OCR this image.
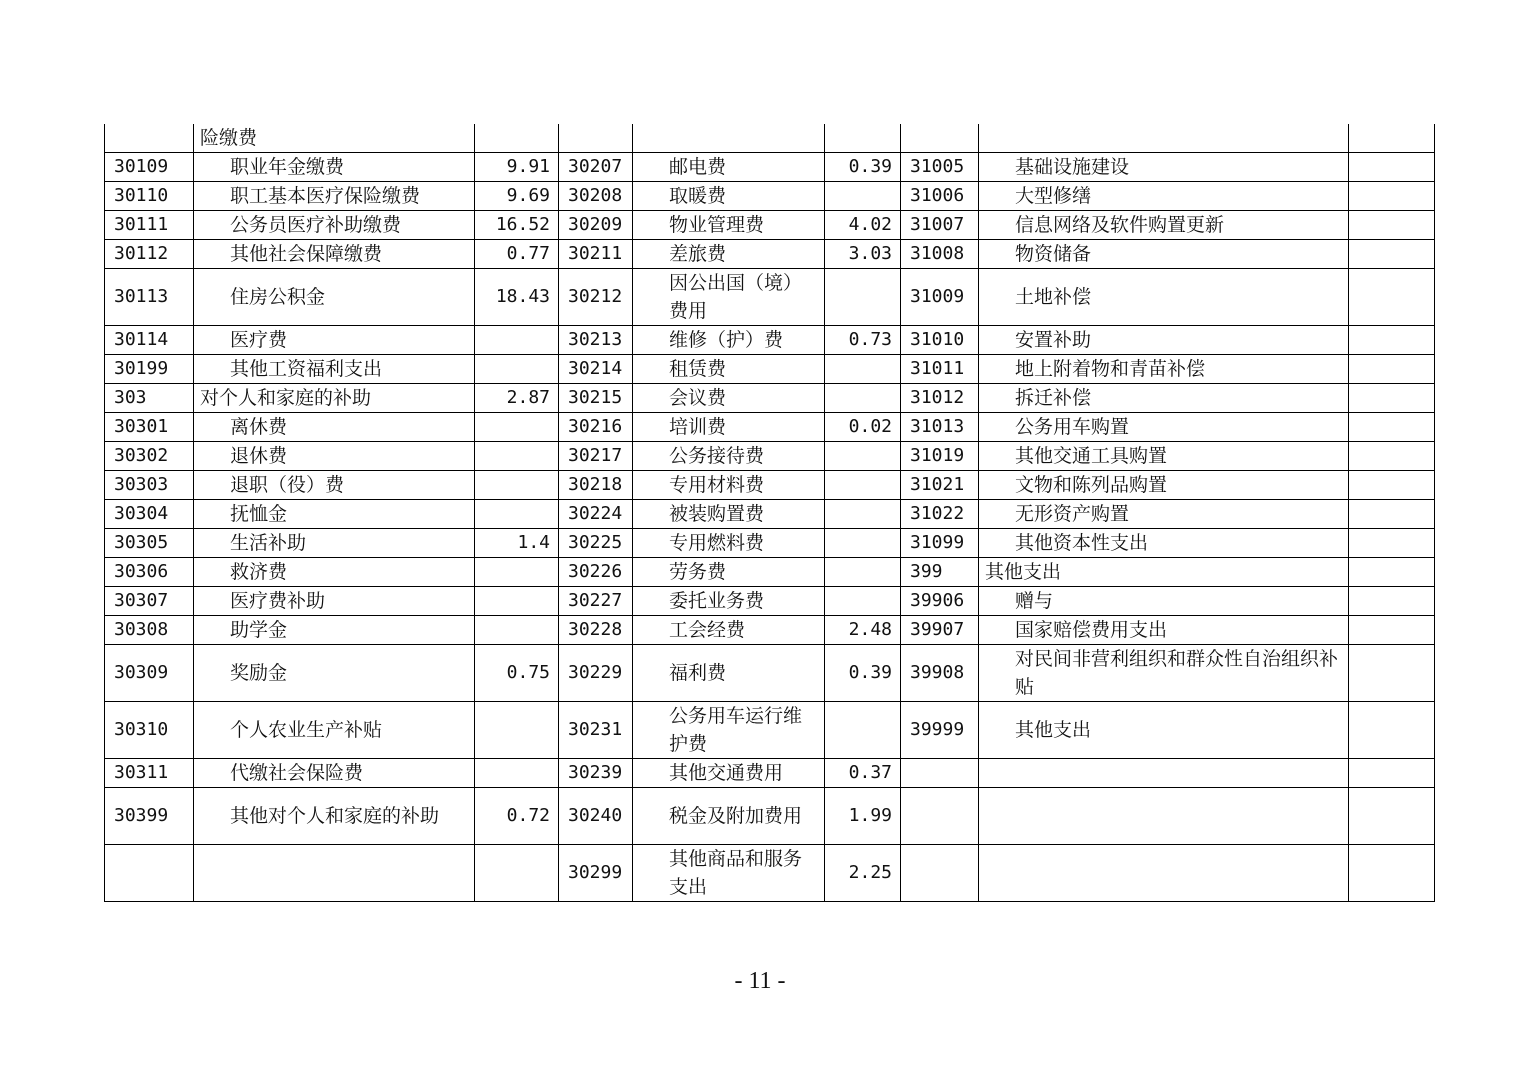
	险缴费							

30109	职业年金缴费	9.91	30207	邮电费	0.39	31005	基础设施建设	

30110	职工基本医疗保险缴费	9.69	30208	取暖费		31006	大型修缮	

30111	公务员医疗补助缴费	16.52	30209	物业管理费	4.02	31007	信息网络及软件购置更新	

30112	其他社会保障缴费	0.77	30211	差旅费	3.03	31008	物资储备	

30113	住房公积金	18.43	30212	因公出国（境）费用		31009	土地补偿	

30114	医疗费		30213	维修（护）费	0.73	31010	安置补助	

30199	其他工资福利支出		30214	租赁费		31011	地上附着物和青苗补偿	

303	对个人和家庭的补助	2.87	30215	会议费		31012	拆迁补偿	

30301	离休费		30216	培训费	0.02	31013	公务用车购置	

30302	退休费		30217	公务接待费		31019	其他交通工具购置	

30303	退职（役）费		30218	专用材料费		31021	文物和陈列品购置	

30304	抚恤金		30224	被装购置费		31022	无形资产购置	

30305	生活补助	1.4	30225	专用燃料费		31099	其他资本性支出	

30306	救济费		30226	劳务费		399	其他支出	

30307	医疗费补助		30227	委托业务费		39906	赠与	

30308	助学金		30228	工会经费	2.48	39907	国家赔偿费用支出	

30309	奖励金	0.75	30229	福利费	0.39	39908	对民间非营利组织和群众性自治组织补贴	

30310	个人农业生产补贴		30231	公务用车运行维护费		39999	其他支出	

30311	代缴社会保险费		30239	其他交通费用	0.37		

30399	其他对个人和家庭的补助	0.72	30240	税金及附加费用	1.99		

		30299	其他商品和服务支出	2.25		

- 11 -
